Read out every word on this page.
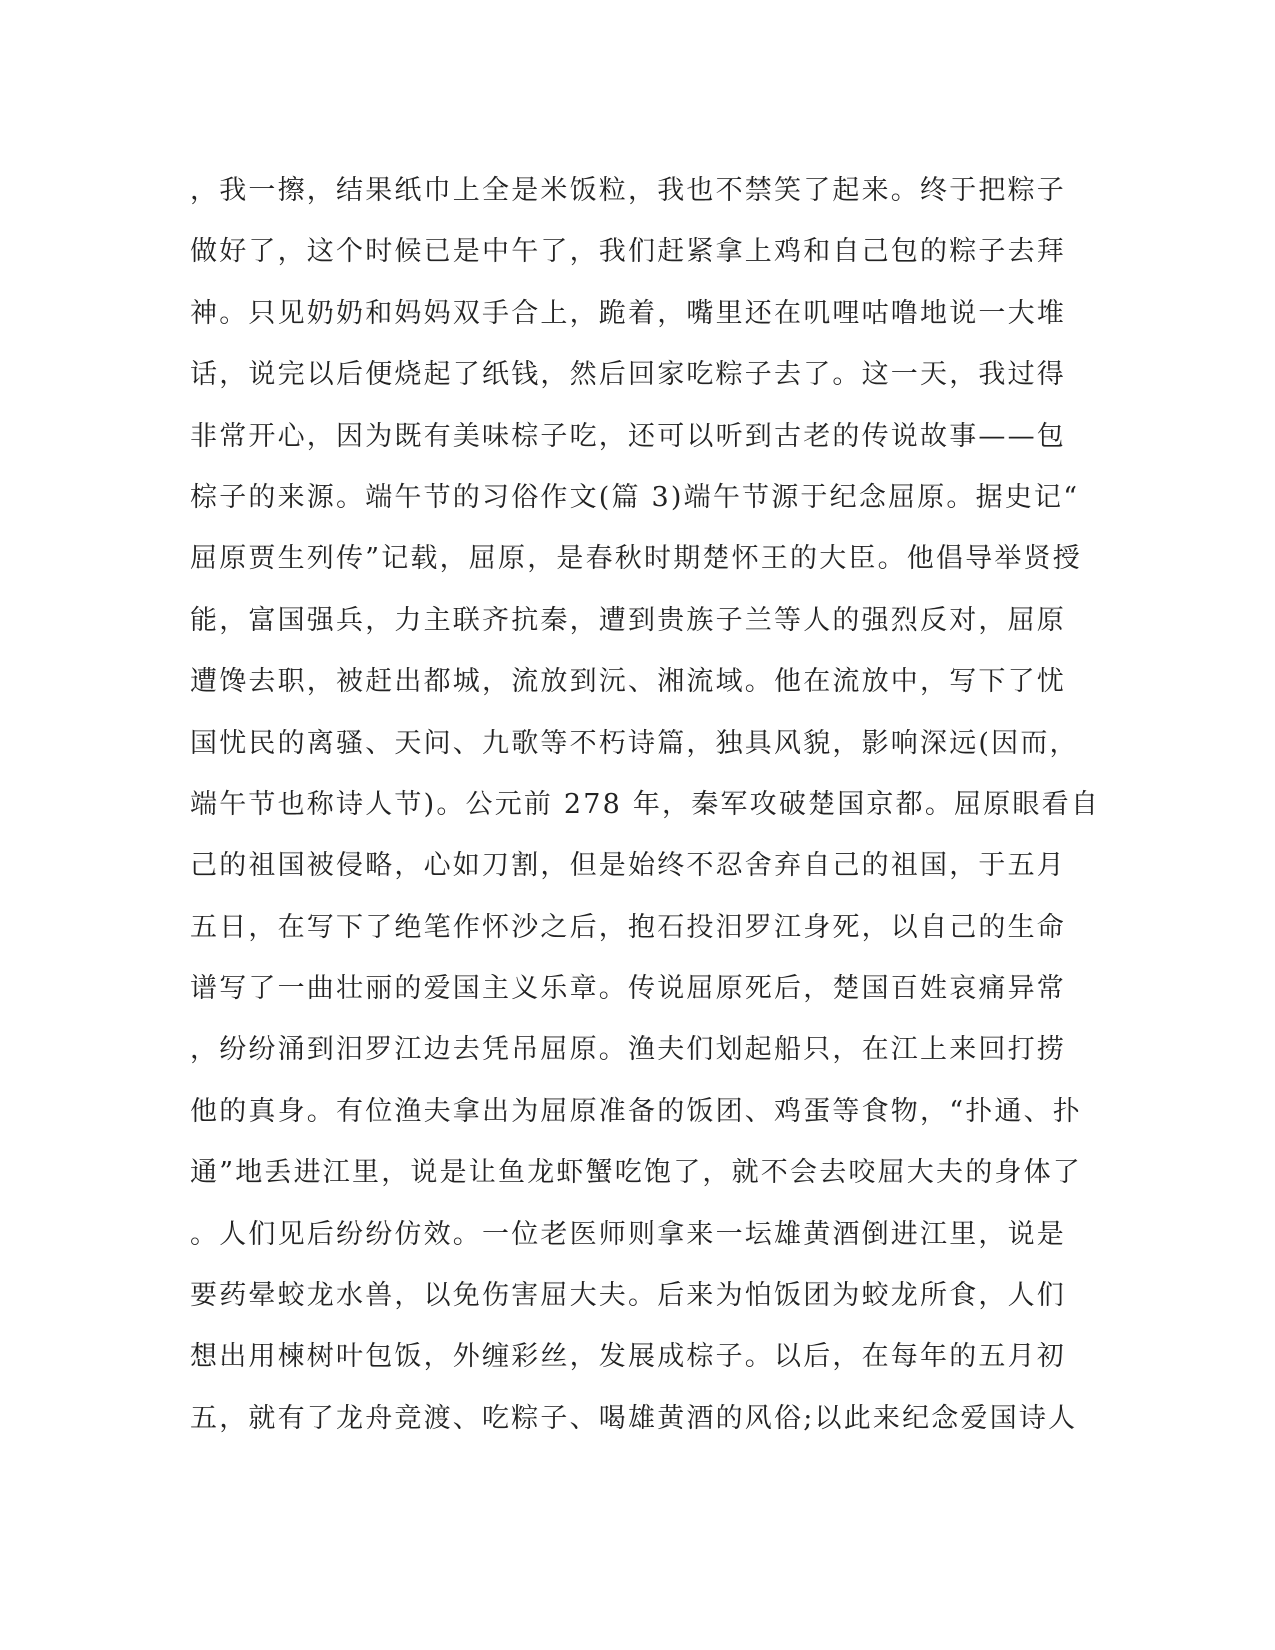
，我一擦，结果纸巾上全是米饭粒，我也不禁笑了起来。终于把粽子
做好了，这个时候已是中午了，我们赶紧拿上鸡和自己包的粽子去拜
神。只见奶奶和妈妈双手合上，跪着，嘴里还在叽哩咕噜地说一大堆
话，说完以后便烧起了纸钱，然后回家吃粽子去了。这一天，我过得
非常开心，因为既有美味棕子吃，还可以听到古老的传说故事——包
棕子的来源。端午节的习俗作文(篇 3)端午节源于纪念屈原。据史记“
屈原贾生列传”记载，屈原，是春秋时期楚怀王的大臣。他倡导举贤授
能，富国强兵，力主联齐抗秦，遭到贵族子兰等人的强烈反对，屈原
遭馋去职，被赶出都城，流放到沅、湘流域。他在流放中，写下了忧
国忧民的离骚、天问、九歌等不朽诗篇，独具风貌，影响深远(因而，
端午节也称诗人节)。公元前 278 年，秦军攻破楚国京都。屈原眼看自
己的祖国被侵略，心如刀割，但是始终不忍舍弃自己的祖国，于五月
五日，在写下了绝笔作怀沙之后，抱石投汨罗江身死，以自己的生命
谱写了一曲壮丽的爱国主义乐章。传说屈原死后，楚国百姓哀痛异常
，纷纷涌到汨罗江边去凭吊屈原。渔夫们划起船只，在江上来回打捞
他的真身。有位渔夫拿出为屈原准备的饭团、鸡蛋等食物，“扑通、扑
通”地丢进江里，说是让鱼龙虾蟹吃饱了，就不会去咬屈大夫的身体了
。人们见后纷纷仿效。一位老医师则拿来一坛雄黄酒倒进江里，说是
要药晕蛟龙水兽，以免伤害屈大夫。后来为怕饭团为蛟龙所食，人们
想出用楝树叶包饭，外缠彩丝，发展成棕子。以后，在每年的五月初
五，就有了龙舟竞渡、吃粽子、喝雄黄酒的风俗;以此来纪念爱国诗人
